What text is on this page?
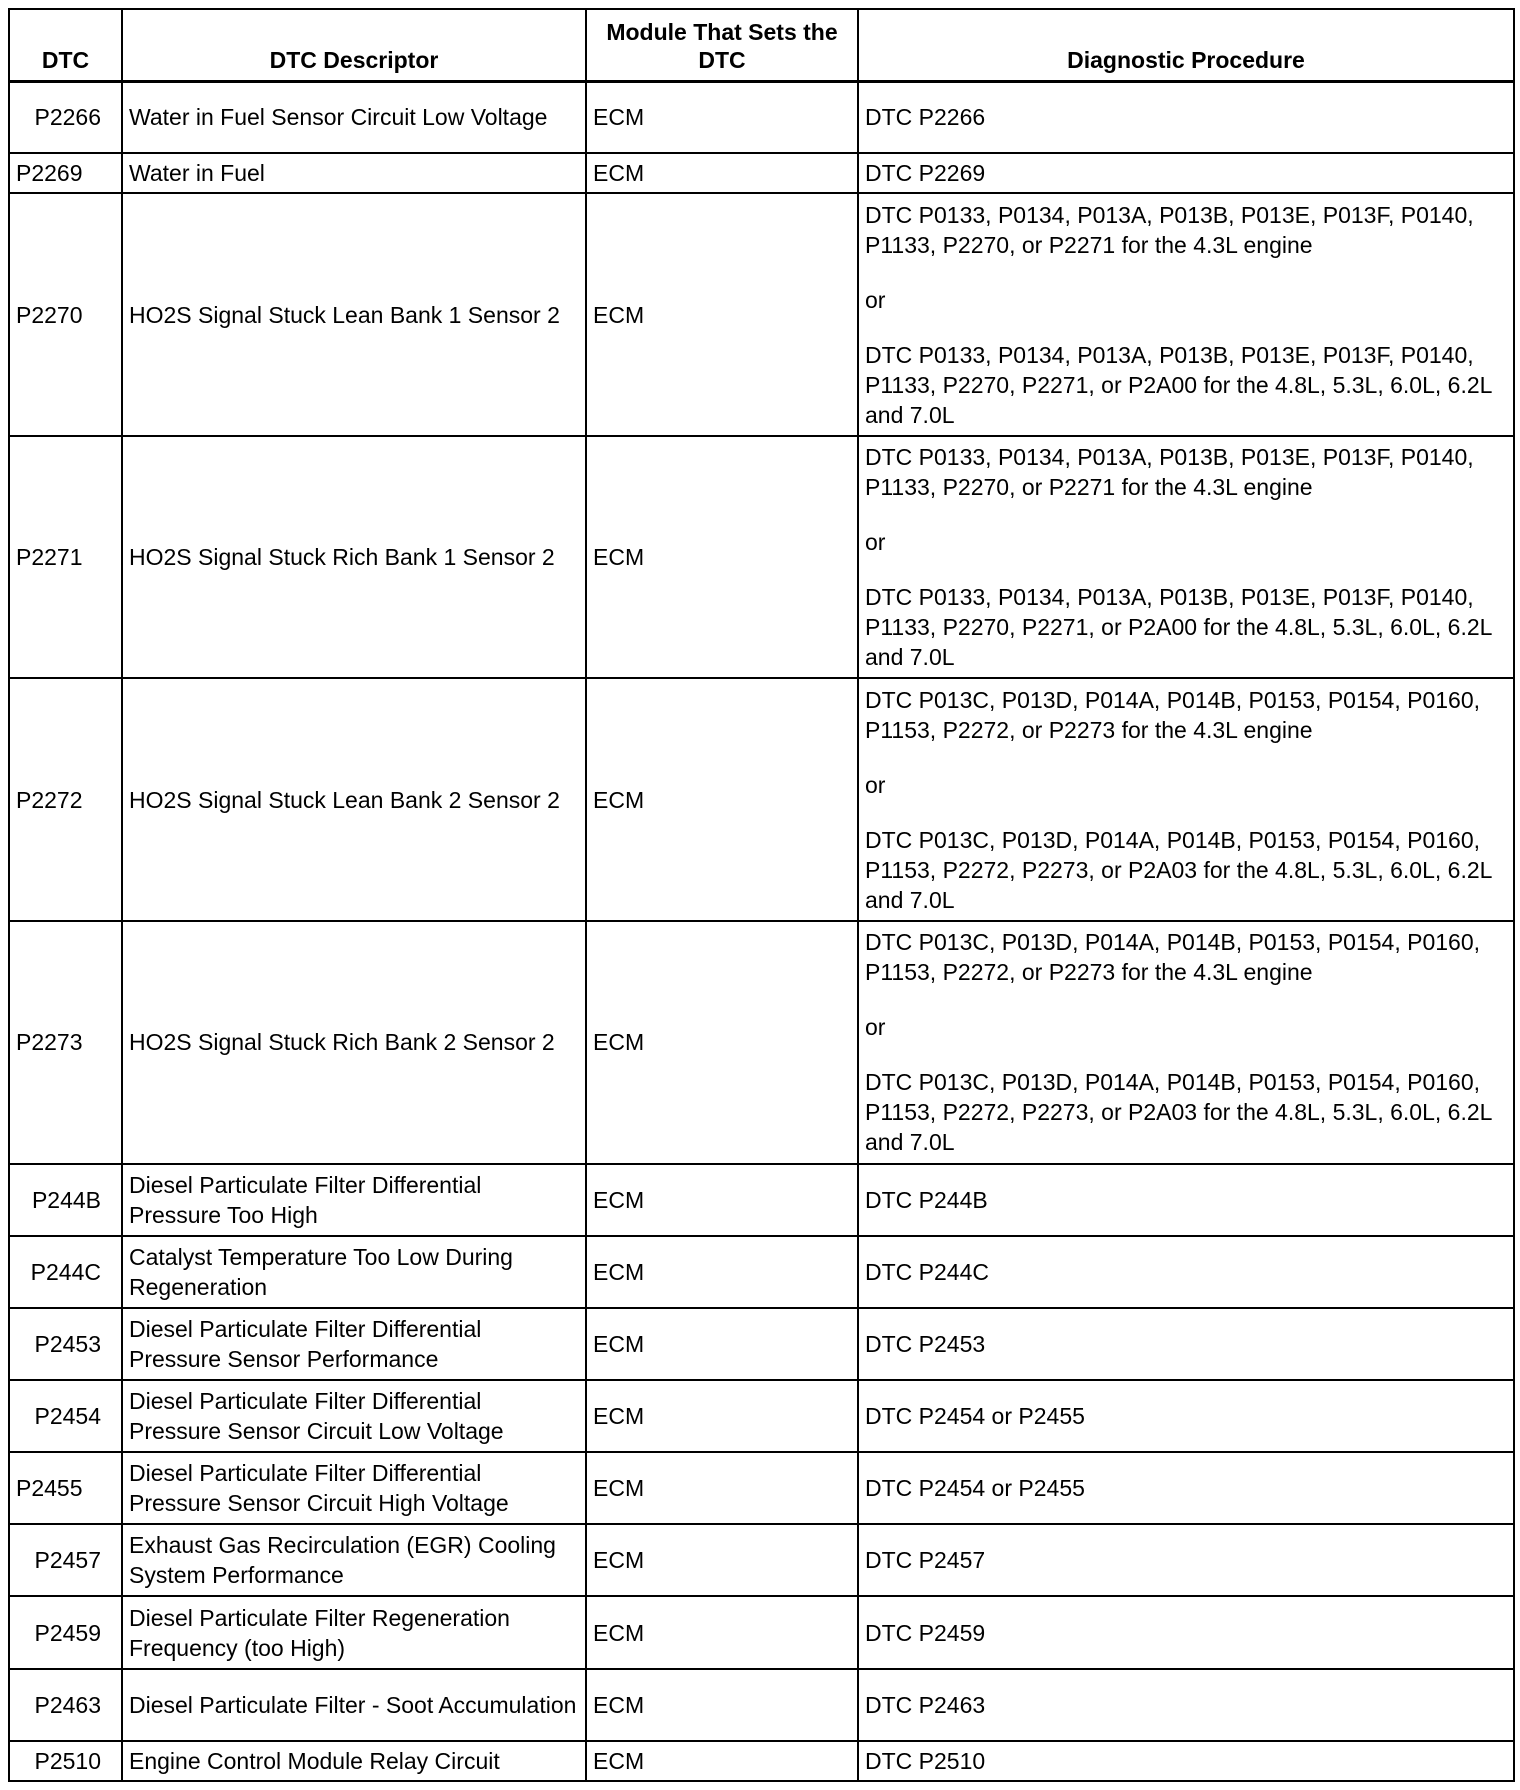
DTC	DTC Descriptor	Module That Sets the DTC	Diagnostic Procedure
P2266	Water in Fuel Sensor Circuit Low Voltage	ECM	DTC P2266

P2269	Water in Fuel	ECM	DTC P2269

P2270	HO2S Signal Stuck Lean Bank 1 Sensor 2	ECM	DTC P0133, P0134, P013A, P013B, P013E, P013F, P0140, P1133, P2270, or P2271 for the 4.3L engine
or
DTC P0133, P0134, P013A, P013B, P013E, P013F, P0140, P1133, P2270, P2271, or P2A00 for the 4.8L, 5.3L, 6.0L, 6.2L and 7.0L

P2271	HO2S Signal Stuck Rich Bank 1 Sensor 2	ECM	DTC P0133, P0134, P013A, P013B, P013E, P013F, P0140, P1133, P2270, or P2271 for the 4.3L engine
or
DTC P0133, P0134, P013A, P013B, P013E, P013F, P0140, P1133, P2270, P2271, or P2A00 for the 4.8L, 5.3L, 6.0L, 6.2L and 7.0L

P2272	HO2S Signal Stuck Lean Bank 2 Sensor 2	ECM	DTC P013C, P013D, P014A, P014B, P0153, P0154, P0160, P1153, P2272, or P2273 for the 4.3L engine
or
DTC P013C, P013D, P014A, P014B, P0153, P0154, P0160, P1153, P2272, P2273, or P2A03 for the 4.8L, 5.3L, 6.0L, 6.2L and 7.0L

P2273	HO2S Signal Stuck Rich Bank 2 Sensor 2	ECM	DTC P013C, P013D, P014A, P014B, P0153, P0154, P0160, P1153, P2272, or P2273 for the 4.3L engine
or
DTC P013C, P013D, P014A, P014B, P0153, P0154, P0160, P1153, P2272, P2273, or P2A03 for the 4.8L, 5.3L, 6.0L, 6.2L and 7.0L

P244B	Diesel Particulate Filter Differential Pressure Too High	ECM	DTC P244B

P244C	Catalyst Temperature Too Low During Regeneration	ECM	DTC P244C

P2453	Diesel Particulate Filter Differential Pressure Sensor Performance	ECM	DTC P2453

P2454	Diesel Particulate Filter Differential Pressure Sensor Circuit Low Voltage	ECM	DTC P2454 or P2455

P2455	Diesel Particulate Filter Differential Pressure Sensor Circuit High Voltage	ECM	DTC P2454 or P2455

P2457	Exhaust Gas Recirculation (EGR) Cooling System Performance	ECM	DTC P2457

P2459	Diesel Particulate Filter Regeneration Frequency (too High)	ECM	DTC P2459

P2463	Diesel Particulate Filter - Soot Accumulation	ECM	DTC P2463

P2510	Engine Control Module Relay Circuit	ECM	DTC P2510
